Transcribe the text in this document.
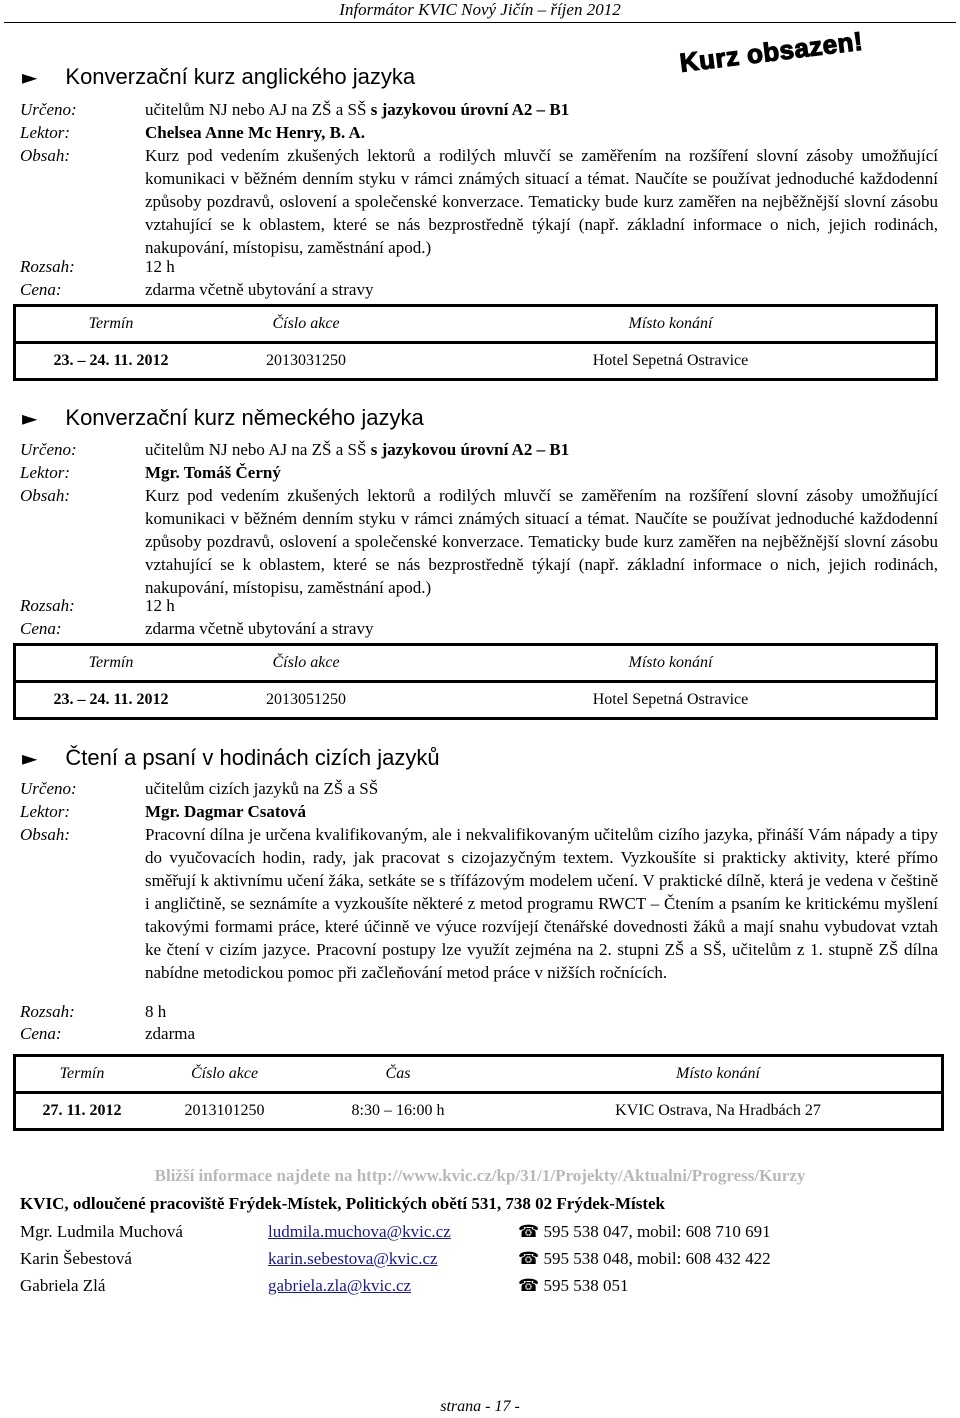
Informátor KVIC Nový Jičín – říjen 2012
► Konverzační kurz anglického jazyka	Kurz obsazen!
Určeno:	učitelům NJ nebo AJ na ZŠ a SŠ s jazykovou úrovní A2 – B1
Lektor:	Chelsea Anne Mc Henry, B. A.
Obsah:	Kurz pod vedením zkušených lektorů a rodilých mluvčí se zaměřením na rozšíření slovní zásoby umožňující komunikaci v běžném denním styku v rámci známých situací a témat. Naučíte se používat jednoduché každodenní způsoby pozdravů, oslovení a společenské konverzace. Tematicky bude kurz zaměřen na nejběžnější slovní zásobu vztahující se k oblastem, které se nás bezprostředně týkají (např. základní informace o nich, jejich rodinách, nakupování, místopisu, zaměstnání apod.)
Rozsah:	12 h
Cena:	zdarma včetně ubytování a stravy
Termín	Číslo akce	Místo konání
23. – 24. 11. 2012	2013031250	Hotel Sepetná Ostravice
► Konverzační kurz německého jazyka
Určeno:	učitelům NJ nebo AJ na ZŠ a SŠ s jazykovou úrovní A2 – B1
Lektor:	Mgr. Tomáš Černý
Obsah:	Kurz pod vedením zkušených lektorů a rodilých mluvčí se zaměřením na rozšíření slovní zásoby umožňující komunikaci v běžném denním styku v rámci známých situací a témat. Naučíte se používat jednoduché každodenní způsoby pozdravů, oslovení a společenské konverzace. Tematicky bude kurz zaměřen na nejběžnější slovní zásobu vztahující se k oblastem, které se nás bezprostředně týkají (např. základní informace o nich, jejich rodinách, nakupování, místopisu, zaměstnání apod.)
Rozsah:	12 h
Cena:	zdarma včetně ubytování a stravy
Termín	Číslo akce	Místo konání
23. – 24. 11. 2012	2013051250	Hotel Sepetná Ostravice
► Čtení a psaní v hodinách cizích jazyků
Určeno:	učitelům cizích jazyků na ZŠ a SŠ
Lektor:	Mgr. Dagmar Csatová
Obsah:	Pracovní dílna je určena kvalifikovaným, ale i nekvalifikovaným učitelům cizího jazyka, přináší Vám nápady a tipy do vyučovacích hodin, rady, jak pracovat s cizojazyčným textem. Vyzkoušíte si prakticky aktivity, které přímo směřují k aktivnímu učení žáka, setkáte se s třífázovým modelem učení. V praktické dílně, která je vedena v češtině i angličtině, se seznámíte a vyzkoušíte některé z metod programu RWCT – Čtením a psaním ke kritickému myšlení takovými formami práce, které účinně ve výuce rozvíjejí čtenářské dovednosti žáků a mají snahu vybudovat vztah ke čtení v cizím jazyce. Pracovní postupy lze využít zejména na 2. stupni ZŠ a SŠ, učitelům z 1. stupně ZŠ dílna nabídne metodickou pomoc při začleňování metod práce v nižších ročnících.
Rozsah:	8 h
Cena:	zdarma
Termín	Číslo akce	Čas	Místo konání
27. 11. 2012	2013101250	8:30 – 16:00 h	KVIC Ostrava, Na Hradbách 27
Bližší informace najdete na http://www.kvic.cz/kp/31/1/Projekty/Aktualni/Progress/Kurzy
KVIC, odloučené pracoviště Frýdek-Místek, Politických obětí 531, 738 02 Frýdek-Místek
Mgr. Ludmila Muchová	ludmila.muchova@kvic.cz	☎ 595 538 047, mobil: 608 710 691
Karin Šebestová	karin.sebestova@kvic.cz	☎ 595 538 048, mobil: 608 432 422
Gabriela Zlá	gabriela.zla@kvic.cz	☎ 595 538 051
strana - 17 -
